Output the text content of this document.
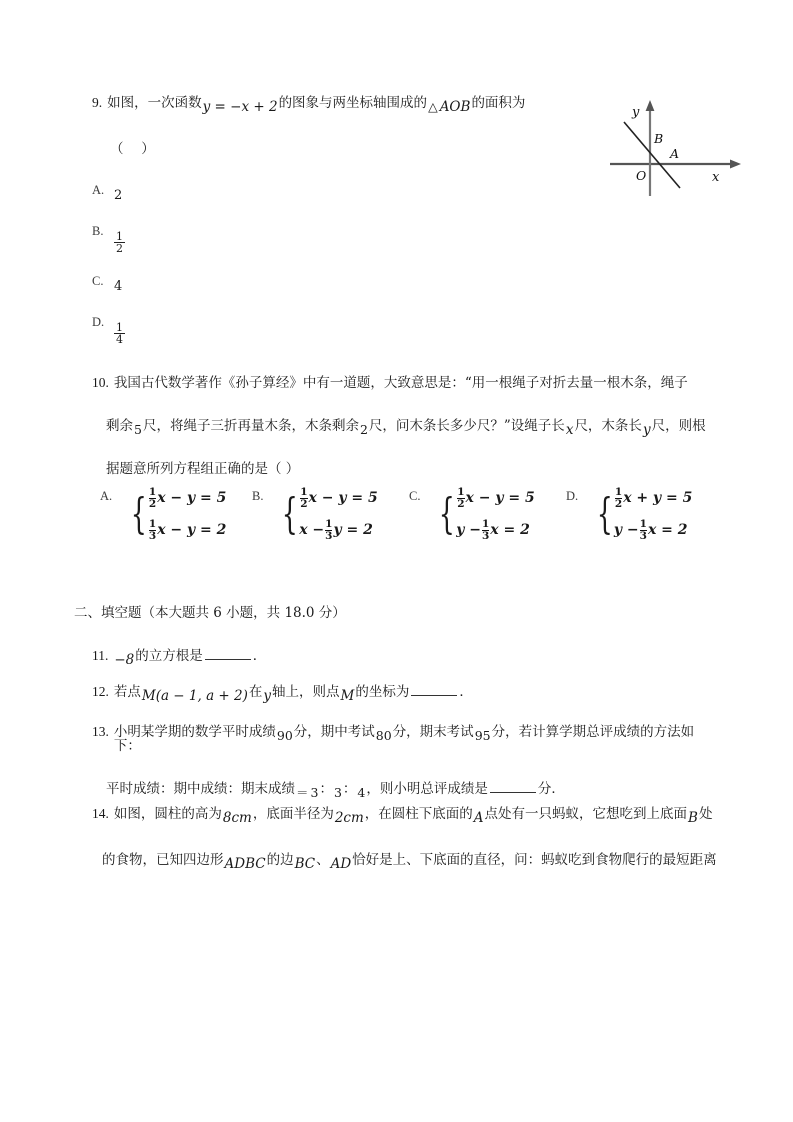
y
x
O
B
A
9. 如图，一次函数y = −x + 2的图象与两坐标轴围成的△ AOB的面积为
（ ）
A. 2
B. $\frac{1}{2}$
C. 4
D. $\frac{1}{4}$
10. 我国古代数学著作《孙子算经》中有一道题，大致意思是：“用一根绳子对折去量一根木条，绳子
剩余5尺，将绳子三折再量木条，木条剩余2尺，问木条长多少尺？”设绳子长x尺，木条长y尺，则根
据题意所列方程组正确的是（ ）
A. { $\frac{1}{2}$ x − y = 5
$\frac{1}{3}$ x − y = 2
B. { $\frac{1}{2}$ x − y = 5
$x - \frac{1}{3}$ y = 2
C. { $\frac{1}{2}$ x − y = 5
$y - \frac{1}{3}$ x = 2
D. { $\frac{1}{2}$ x + y = 5
$y - \frac{1}{3}$ x = 2
二、填空题（本大题共 6 小题，共 18.0 分）
11. −8的立方根是	．
12. 若点M(a − 1, a + 2)在y轴上，则点M的坐标为	．
13. 小明某学期的数学平时成绩90分，期中考试80分，期末考试95分，若计算学期总评成绩的方法如下：
平时成绩：期中成绩：期末成绩＝ 3：3：4，则小明总评成绩是	分．
14. 如图，圆柱的高为8cm，底面半径为2cm，在圆柱下底面的A点处有一只蚂蚁，它想吃到上底面B处
的食物，已知四边形ADBC的边BC、AD恰好是上、下底面的直径，问：蚂蚁吃到食物爬行的最短距离
